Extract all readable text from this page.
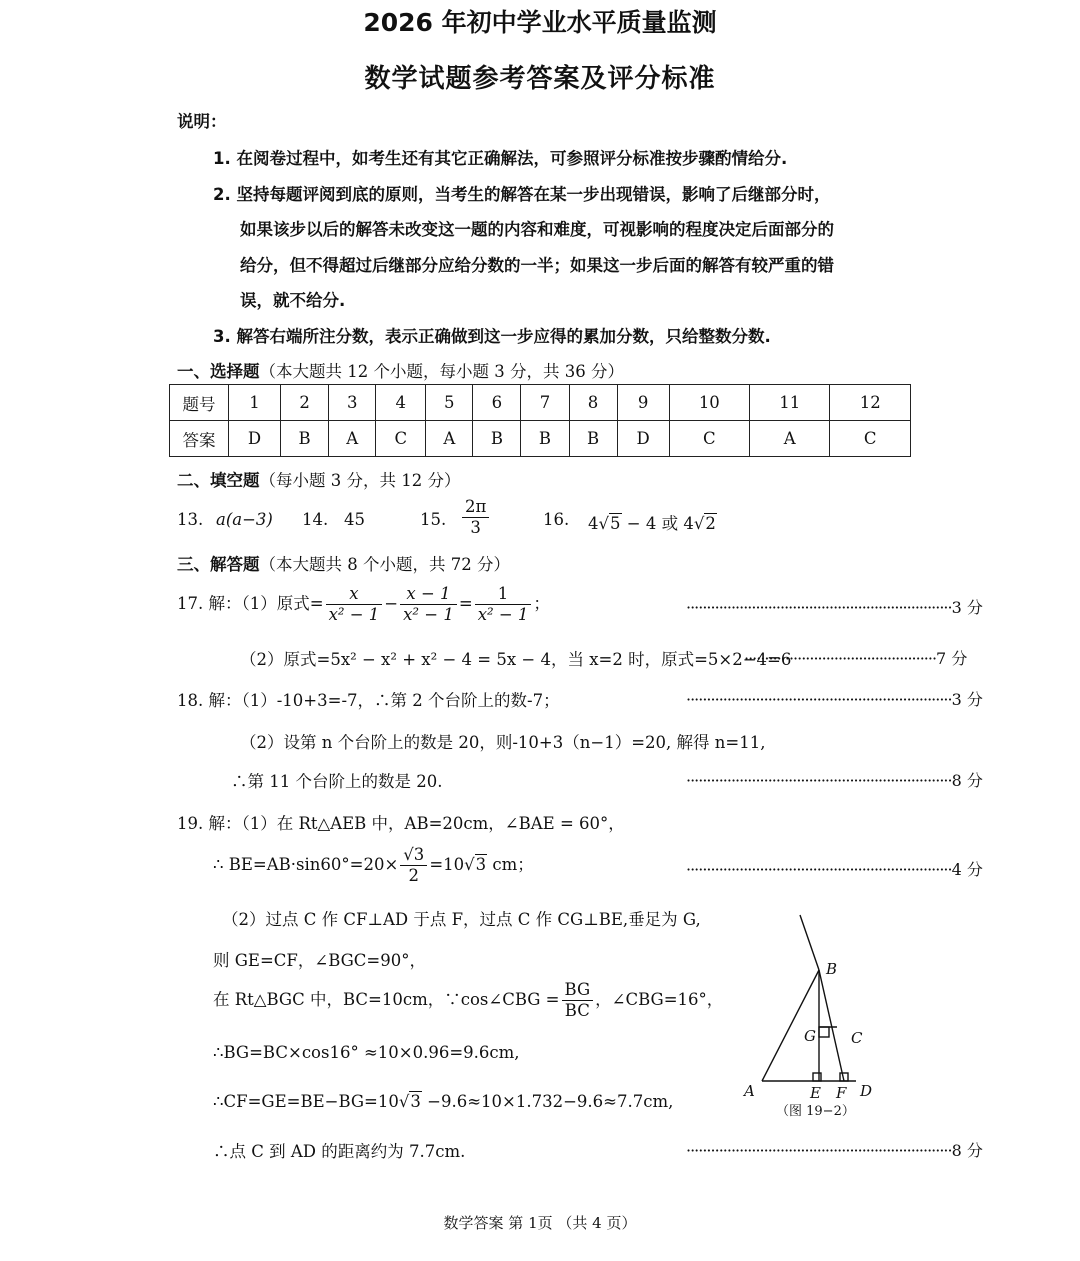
2026 年初中学业水平质量监测
数学试题参考答案及评分标准
说明：
1. 在阅卷过程中，如考生还有其它正确解法，可参照评分标准按步骤酌情给分.
2. 坚持每题评阅到底的原则，当考生的解答在某一步出现错误，影响了后继部分时，
如果该步以后的解答未改变这一题的内容和难度，可视影响的程度决定后面部分的
给分，但不得超过后继部分应给分数的一半；如果这一步后面的解答有较严重的错
误，就不给分.
3. 解答右端所注分数，表示正确做到这一步应得的累加分数，只给整数分数.
一、选择题（本大题共 12 个小题，每小题 3 分，共 36 分）
题号	1	2	3	4	5	6	7	8	9	10	11	12
答案	D	B	A	C	A	B	B	B	D	C	A	C
二、填空题（每小题 3 分，共 12 分）
13. a(a−3) 14. 45	15. $\frac{2\pi}{3}$	16. 4√5 − 4 或 4√2
三、解答题（本大题共 8 个小题，共 72 分）
17. 解：（1）原式= $\frac{x}{\text{x² − 1}} - \frac{x - 1}{\text{x² − 1}} = \frac{1}{\text{x² − 1}}$ ；	·································································3 分
（2）原式=5x² − x² + x² − 4 = 5x − 4，当 x=2 时，原式=5×2−4=6
···············································7 分
18. 解：（1）-10+3=-7，∴第 2 个台阶上的数-7；	·································································3 分
（2）设第 n 个台阶上的数是 20，则-10+3（n−1）=20, 解得 n=11,
∴第 11 个台阶上的数是 20.	·································································8 分
19. 解：（1）在 Rt△AEB 中，AB=20cm，∠BAE = 60°，
∴ $BE=AB\cdot\sin 60^\circ=20\times \frac{√3}{2} =10√3$ cm；	·································································4 分
（2）过点 C 作 CF⊥AD 于点 F，过点 C 作 CG⊥BE,垂足为 G,
则 GE=CF，∠BGC=90°，
在 Rt△BGC 中，BC=10cm，∵cos∠CBG = $\frac{BG}{BC}$ ，∠CBG=16°，
∴BG=BC×cos16° ≈10×0.96=9.6cm,
∴CF=GE=BE−BG=10√3 −9.6≈10×1.732−9.6≈7.7cm,
∴点 C 到 AD 的距离约为 7.7cm.	·································································8 分
B
G C
A	E F D
（图 19−2）
数学答案 第 1页 （共 4 页）
